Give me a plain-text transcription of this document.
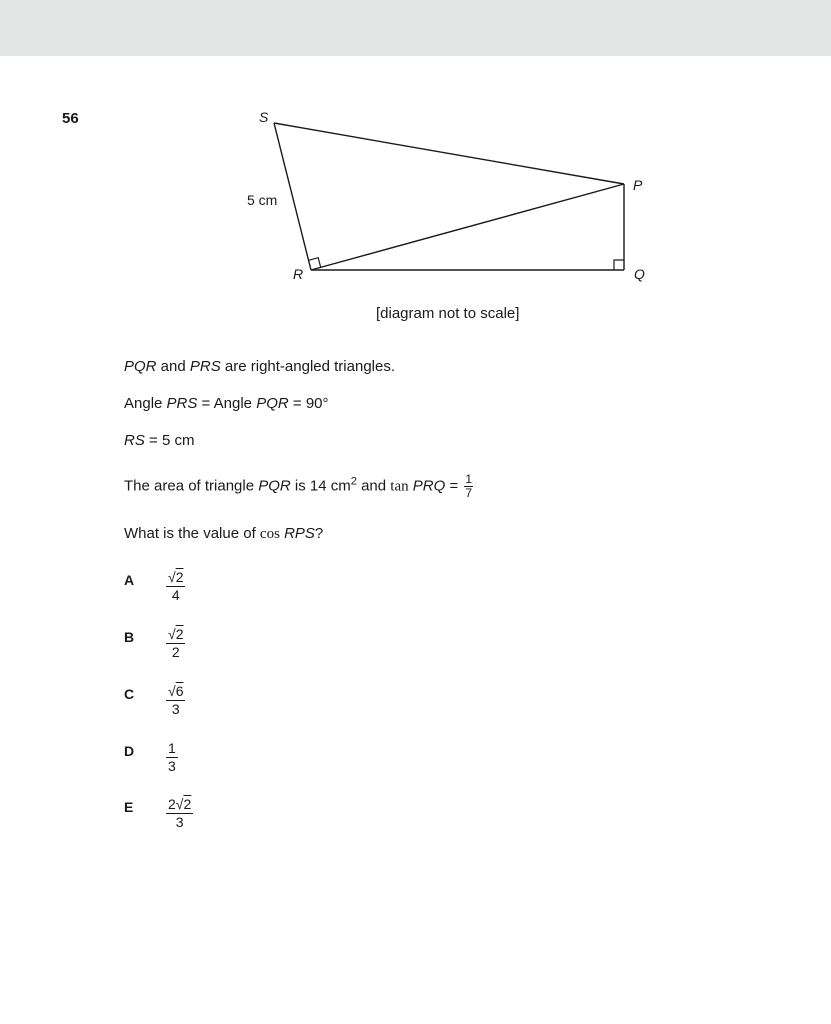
56	S
P
Q
R
5 cm
[diagram not to scale]
PQR and PRS are right-angled triangles.
Angle PRS = Angle PQR = 90°
RS = 5 cm
The area of triangle PQR is 14 $cm^2$ and tan PRQ = $\frac{1}{7}$
What is the value of cos RPS?
A $\frac{√2}{4}$
B $\frac{√2}{2}$
C $\frac{√6}{3}$
D $\frac{1}{3}$
E $\frac{2√2}{3}$
